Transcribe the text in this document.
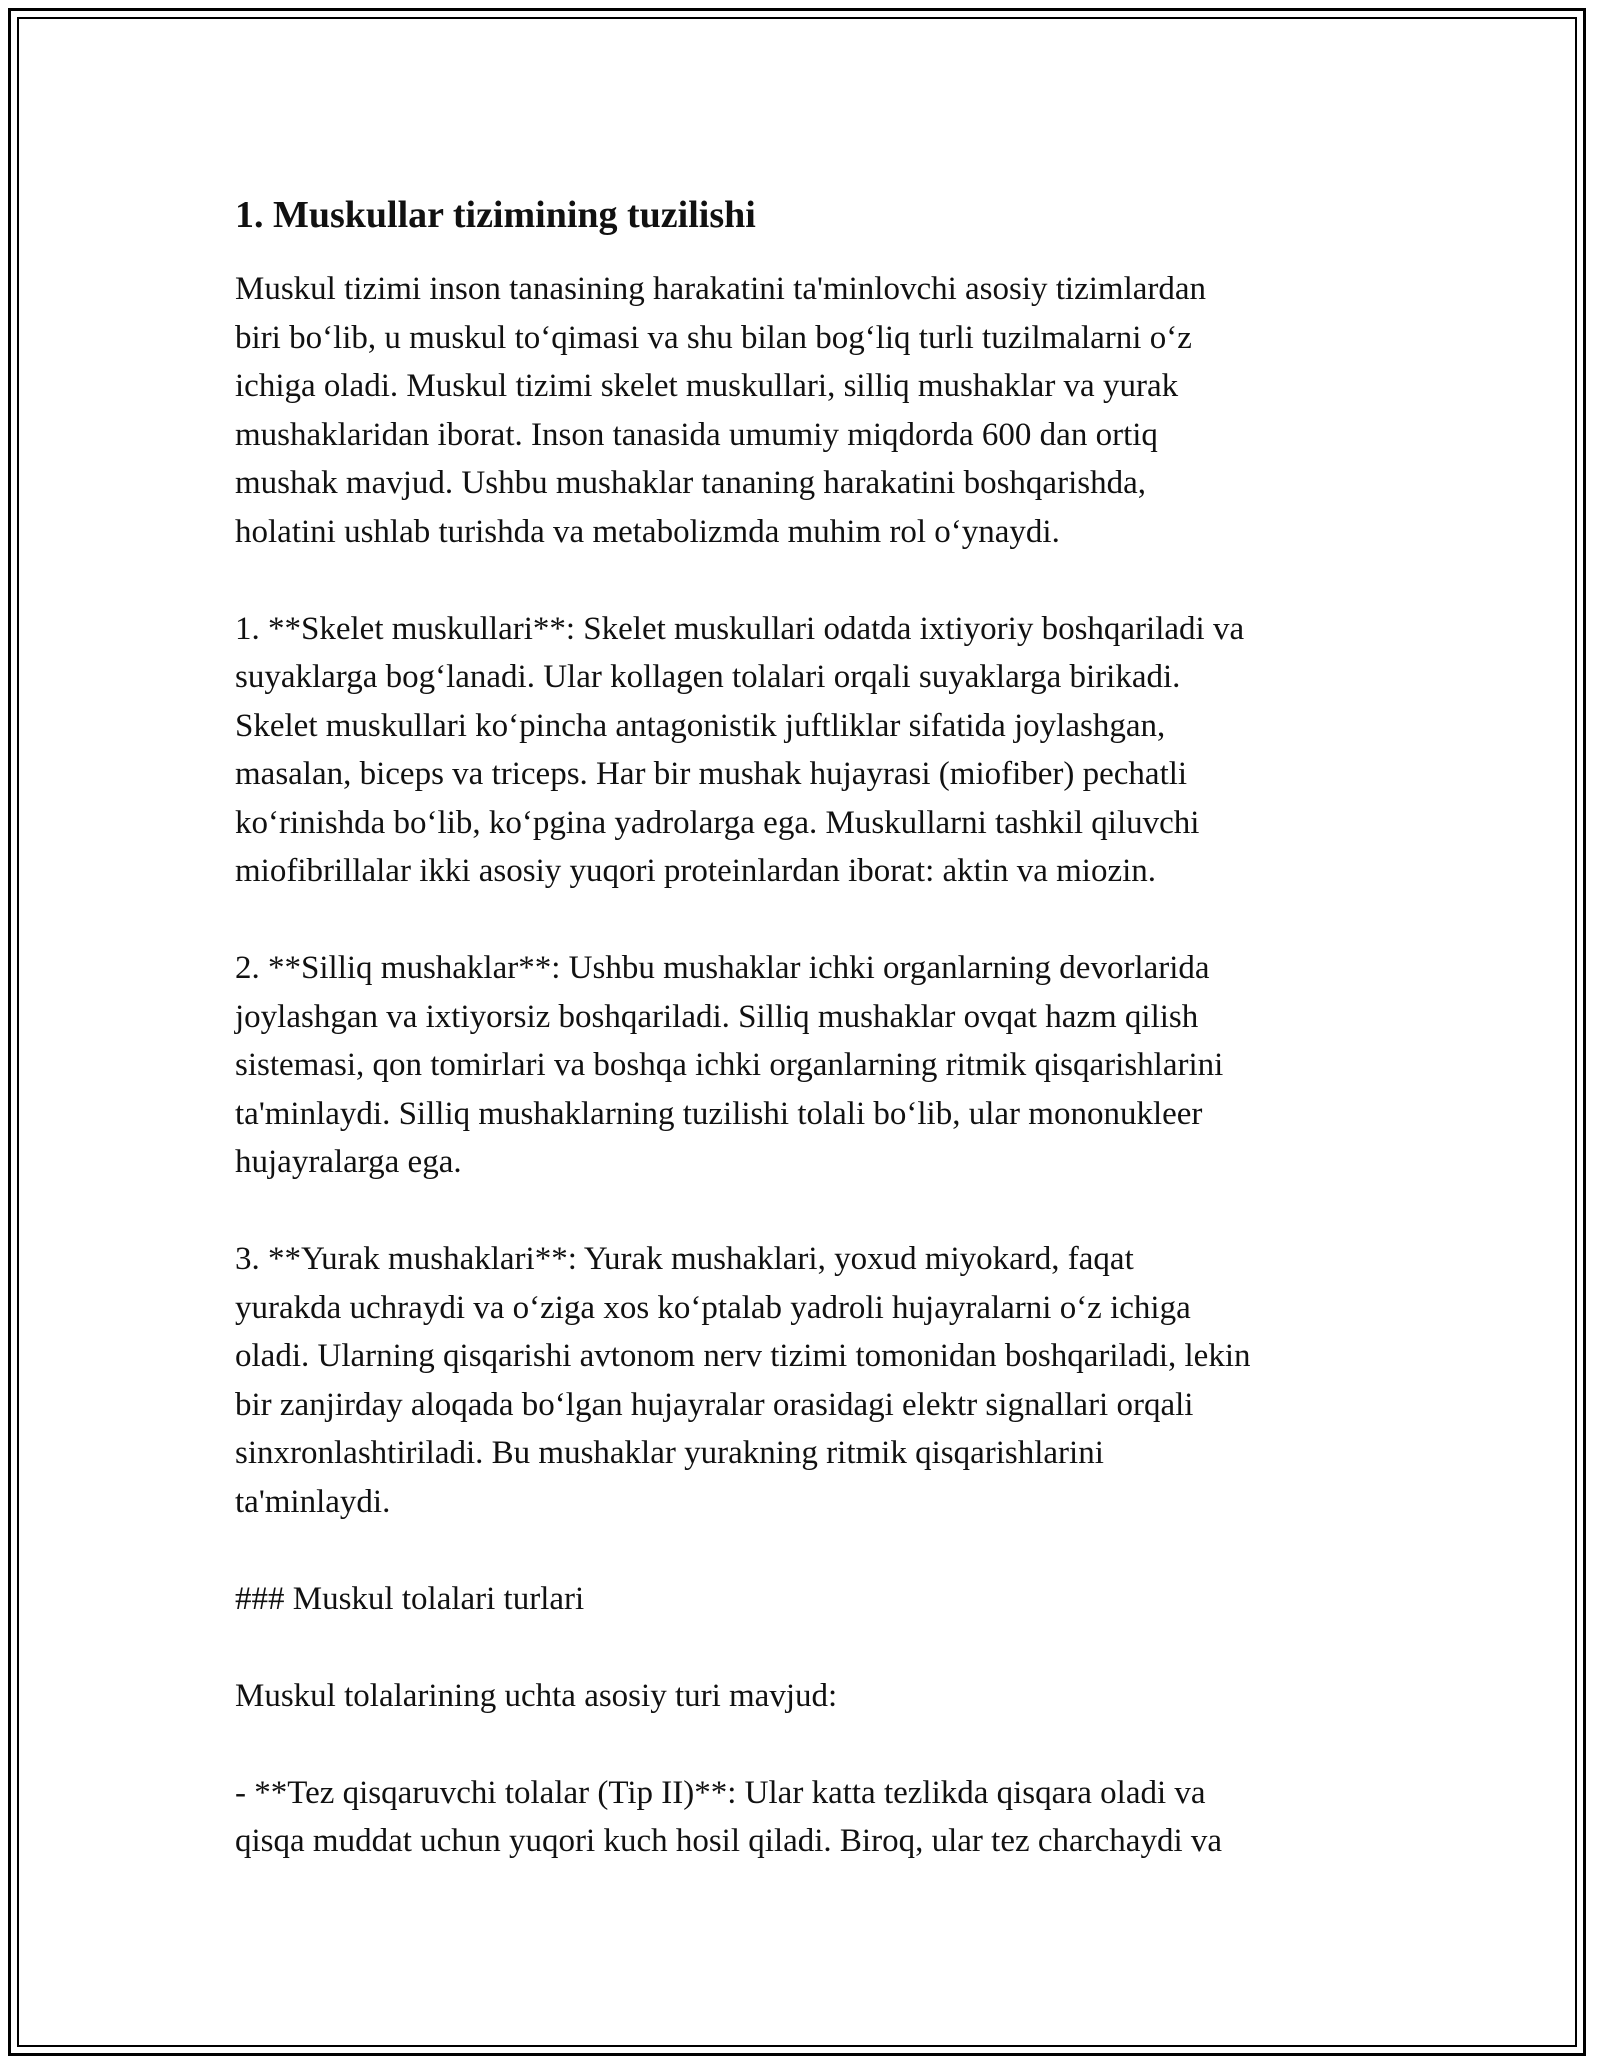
1. Muskullar tizimining tuzilishi

Muskul tizimi inson tanasining harakatini ta'minlovchi asosiy tizimlardan
biri bo‘lib, u muskul to‘qimasi va shu bilan bog‘liq turli tuzilmalarni o‘z
ichiga oladi. Muskul tizimi skelet muskullari, silliq mushaklar va yurak
mushaklaridan iborat. Inson tanasida umumiy miqdorda 600 dan ortiq
mushak mavjud. Ushbu mushaklar tananing harakatini boshqarishda,
holatini ushlab turishda va metabolizmda muhim rol o‘ynaydi.

1. **Skelet muskullari**: Skelet muskullari odatda ixtiyoriy boshqariladi va
suyaklarga bog‘lanadi. Ular kollagen tolalari orqali suyaklarga birikadi.
Skelet muskullari ko‘pincha antagonistik juftliklar sifatida joylashgan,
masalan, biceps va triceps. Har bir mushak hujayrasi (miofiber) pechatli
ko‘rinishda bo‘lib, ko‘pgina yadrolarga ega. Muskullarni tashkil qiluvchi
miofibrillalar ikki asosiy yuqori proteinlardan iborat: aktin va miozin.

2. **Silliq mushaklar**: Ushbu mushaklar ichki organlarning devorlarida
joylashgan va ixtiyorsiz boshqariladi. Silliq mushaklar ovqat hazm qilish
sistemasi, qon tomirlari va boshqa ichki organlarning ritmik qisqarishlarini
ta'minlaydi. Silliq mushaklarning tuzilishi tolali bo‘lib, ular mononukleer
hujayralarga ega.

3. **Yurak mushaklari**: Yurak mushaklari, yoxud miyokard, faqat
yurakda uchraydi va o‘ziga xos ko‘ptalab yadroli hujayralarni o‘z ichiga
oladi. Ularning qisqarishi avtonom nerv tizimi tomonidan boshqariladi, lekin
bir zanjirday aloqada bo‘lgan hujayralar orasidagi elektr signallari orqali
sinxronlashtiriladi. Bu mushaklar yurakning ritmik qisqarishlarini
ta'minlaydi.

### Muskul tolalari turlari

Muskul tolalarining uchta asosiy turi mavjud:

- **Tez qisqaruvchi tolalar (Tip II)**: Ular katta tezlikda qisqara oladi va
qisqa muddat uchun yuqori kuch hosil qiladi. Biroq, ular tez charchaydi va
